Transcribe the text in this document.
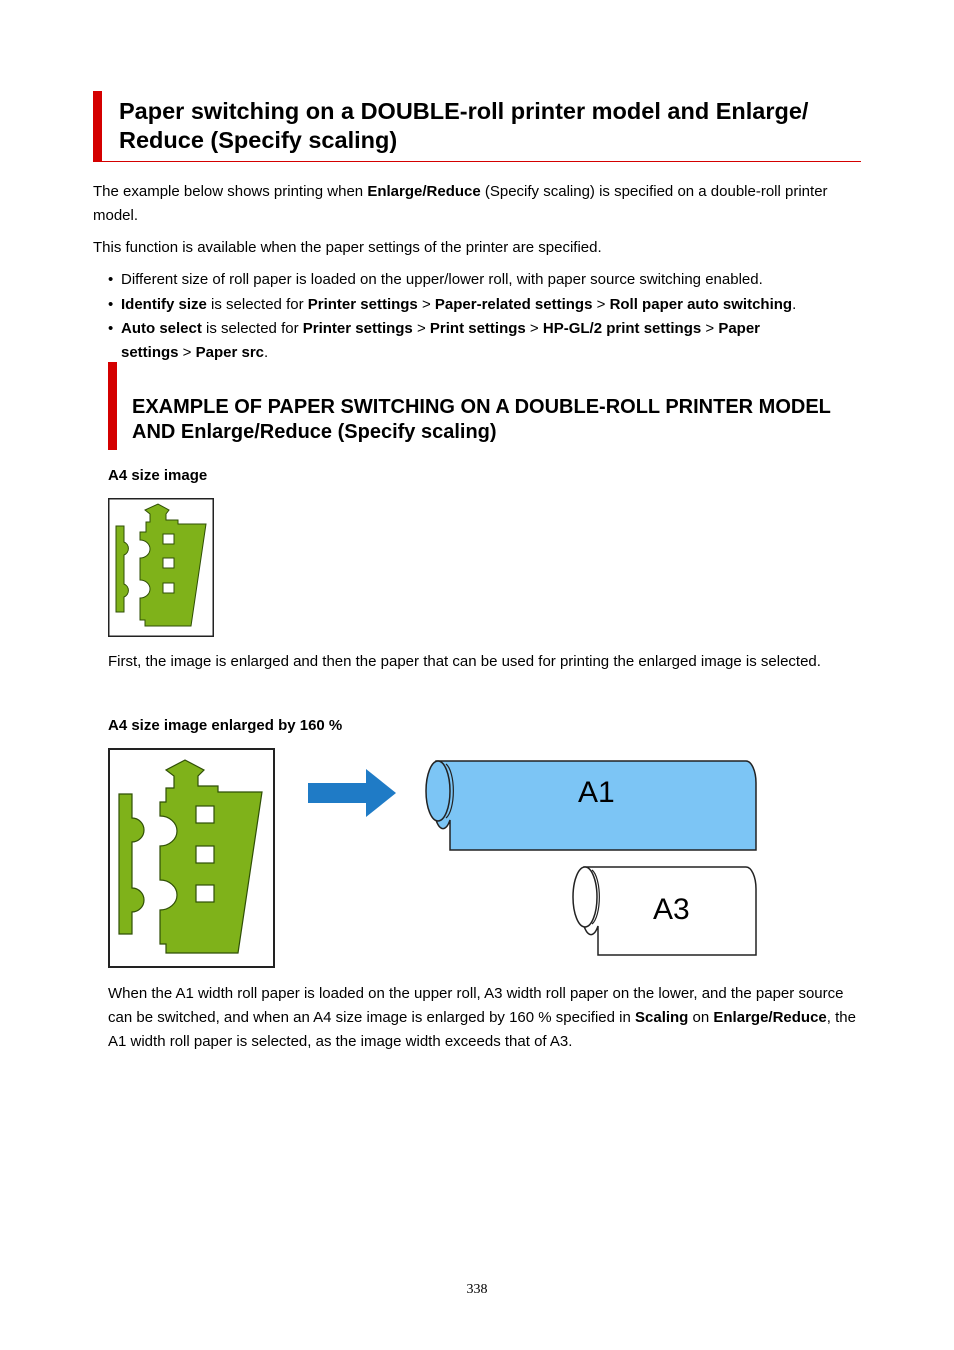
Paper switching on a DOUBLE-roll printer model and Enlarge/ Reduce (Specify scaling)
The example below shows printing when Enlarge/Reduce (Specify scaling) is specified on a double-roll printer model.
This function is available when the paper settings of the printer are specified.
• Different size of roll paper is loaded on the upper/lower roll, with paper source switching enabled.
• Identify size is selected for Printer settings > Paper-related settings > Roll paper auto switching.
• Auto select is selected for Printer settings > Print settings > HP-GL/2 print settings > Paper settings > Paper src.
EXAMPLE OF PAPER SWITCHING ON A DOUBLE-ROLL PRINTER MODEL AND Enlarge/Reduce (Specify scaling)
A4 size image
First, the image is enlarged and then the paper that can be used for printing the enlarged image is selected.
A4 size image enlarged by 160 %
A1
A3
When the A1 width roll paper is loaded on the upper roll, A3 width roll paper on the lower, and the paper source can be switched, and when an A4 size image is enlarged by 160 % specified in Scaling on Enlarge/Reduce, the A1 width roll paper is selected, as the image width exceeds that of A3.
338
